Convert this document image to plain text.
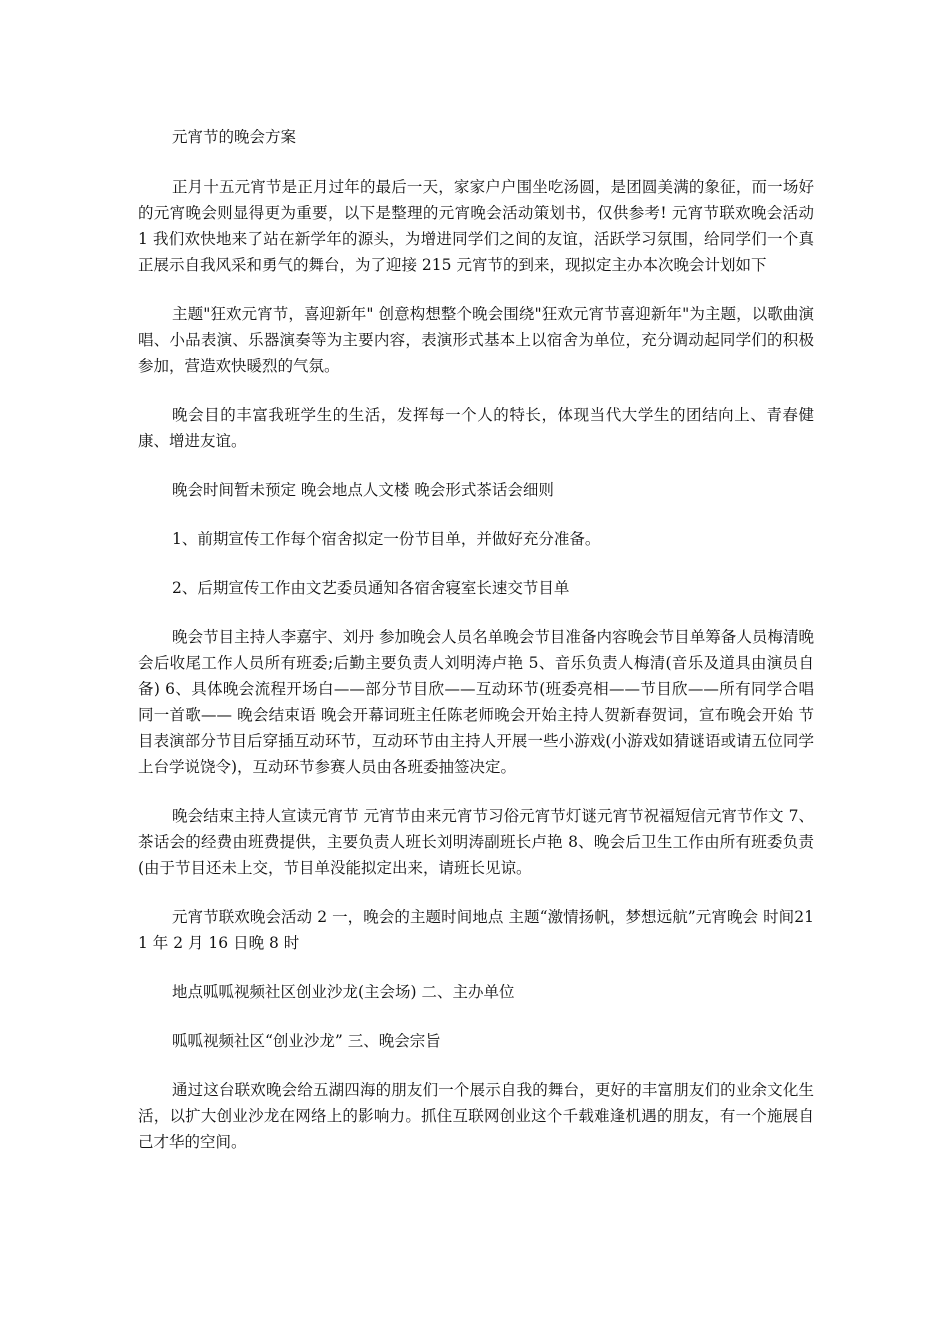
元宵节的晚会方案

正月十五元宵节是正月过年的最后一天，家家户户围坐吃汤圆，是团圆美满的象征，而一场好的元宵晚会则显得更为重要，以下是整理的元宵晚会活动策划书，仅供参考! 元宵节联欢晚会活动 1 我们欢快地来了站在新学年的源头，为增进同学们之间的友谊，活跃学习氛围，给同学们一个真正展示自我风采和勇气的舞台，为了迎接 215 元宵节的到来，现拟定主办本次晚会计划如下

主题"狂欢元宵节，喜迎新年" 创意构想整个晚会围绕"狂欢元宵节喜迎新年"为主题，以歌曲演唱、小品表演、乐器演奏等为主要内容，表演形式基本上以宿舍为单位，充分调动起同学们的积极参加，营造欢快暖烈的气氛。

晚会目的丰富我班学生的生活，发挥每一个人的特长，体现当代大学生的团结向上、青春健康、增进友谊。

晚会时间暂未预定 晚会地点人文楼 晚会形式茶话会细则

1、前期宣传工作每个宿舍拟定一份节目单，并做好充分准备。

2、后期宣传工作由文艺委员通知各宿舍寝室长速交节目单

晚会节目主持人李嘉宇、刘丹 参加晚会人员名单晚会节目准备内容晚会节目单筹备人员梅清晚会后收尾工作人员所有班委;后勤主要负责人刘明涛卢艳 5、音乐负责人梅清(音乐及道具由演员自备) 6、具体晚会流程开场白——部分节目欣——互动环节(班委亮相——节目欣——所有同学合唱同一首歌—— 晚会结束语 晚会开幕词班主任陈老师晚会开始主持人贺新春贺词，宣布晚会开始 节目表演部分节目后穿插互动环节，互动环节由主持人开展一些小游戏(小游戏如猜谜语或请五位同学上台学说饶令)，互动环节参赛人员由各班委抽签决定。

晚会结束主持人宣读元宵节 元宵节由来元宵节习俗元宵节灯谜元宵节祝福短信元宵节作文 7、茶话会的经费由班费提供，主要负责人班长刘明涛副班长卢艳 8、晚会后卫生工作由所有班委负责(由于节目还未上交，节目单没能拟定出来，请班长见谅。

元宵节联欢晚会活动 2 一，晚会的主题时间地点 主题“激情扬帆，梦想远航”元宵晚会 时间211 年 2 月 16 日晚 8 时

地点呱呱视频社区创业沙龙(主会场) 二、主办单位

呱呱视频社区“创业沙龙” 三、晚会宗旨

通过这台联欢晚会给五湖四海的朋友们一个展示自我的舞台，更好的丰富朋友们的业余文化生活，以扩大创业沙龙在网络上的影响力。抓住互联网创业这个千载难逢机遇的朋友，有一个施展自己才华的空间。
